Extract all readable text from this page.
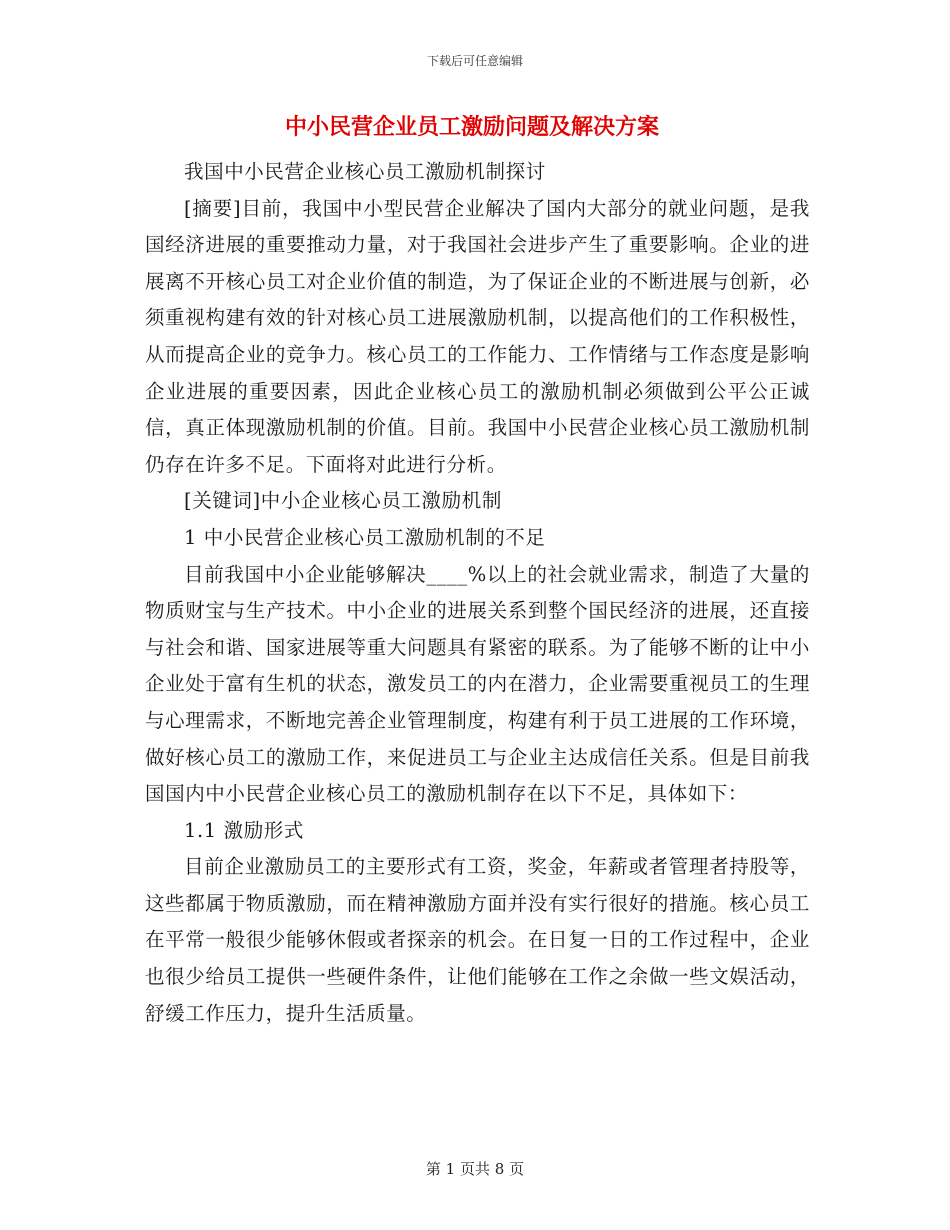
下载后可任意编辑
中小民营企业员工激励问题及解决方案

我国中小民营企业核心员工激励机制探讨

[摘要]目前，我国中小型民营企业解决了国内大部分的就业问题，是我国经济进展的重要推动力量，对于我国社会进步产生了重要影响。企业的进展离不开核心员工对企业价值的制造，为了保证企业的不断进展与创新，必须重视构建有效的针对核心员工进展激励机制，以提高他们的工作积极性，从而提高企业的竞争力。核心员工的工作能力、工作情绪与工作态度是影响企业进展的重要因素，因此企业核心员工的激励机制必须做到公平公正诚信，真正体现激励机制的价值。目前。我国中小民营企业核心员工激励机制仍存在许多不足。下面将对此进行分析。

[关键词]中小企业核心员工激励机制

1 中小民营企业核心员工激励机制的不足

目前我国中小企业能够解决____%以上的社会就业需求，制造了大量的物质财宝与生产技术。中小企业的进展关系到整个国民经济的进展，还直接与社会和谐、国家进展等重大问题具有紧密的联系。为了能够不断的让中小企业处于富有生机的状态，激发员工的内在潜力，企业需要重视员工的生理与心理需求，不断地完善企业管理制度，构建有利于员工进展的工作环境，做好核心员工的激励工作，来促进员工与企业主达成信任关系。但是目前我国国内中小民营企业核心员工的激励机制存在以下不足，具体如下：

1.1 激励形式

目前企业激励员工的主要形式有工资，奖金，年薪或者管理者持股等，这些都属于物质激励，而在精神激励方面并没有实行很好的措施。核心员工在平常一般很少能够休假或者探亲的机会。在日复一日的工作过程中，企业也很少给员工提供一些硬件条件，让他们能够在工作之余做一些文娱活动，舒缓工作压力，提升生活质量。

第 1 页共 8 页
